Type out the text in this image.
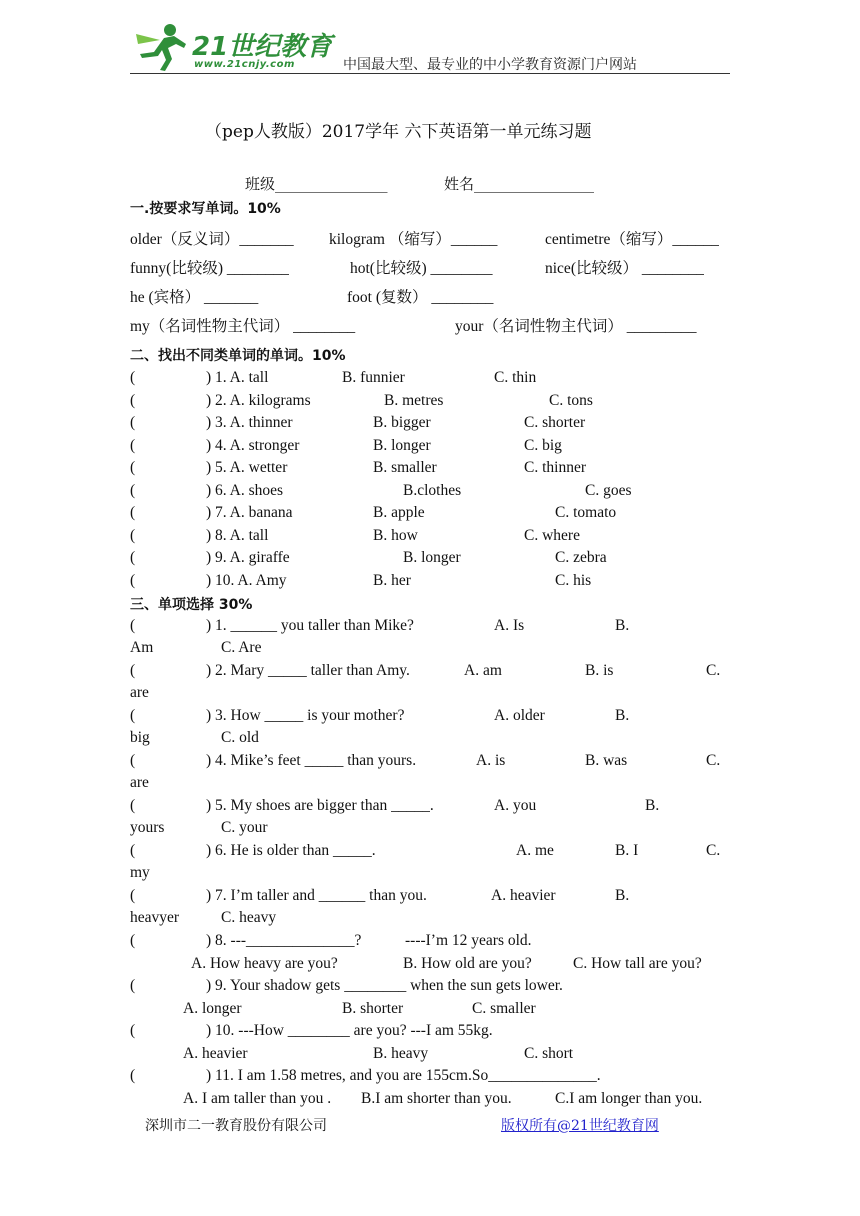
21世纪教育
www.21cnjy.com	中国最大型、最专业的中小学教育资源门户网站
（pep人教版）2017学年 六下英语第一单元练习题
班级_______________	姓名________________
一.按要求写单词。10%
older（反义词）_______ kilogram （缩写）______	centimetre（缩写）______
funny(比较级) ________	hot(比较级) ________	nice(比较级） ________
he (宾格） _______	foot (复数） ________
my（名词性物主代词） ________	your（名词性物主代词） _________
二、找出不同类单词的单词。10%
(	) 1. A. tall	B. funnier	C. thin
(	) 2. A. kilograms	B. metres	C. tons
(	) 3. A. thinner	B. bigger	C. shorter
(	) 4. A. stronger	B. longer	C. big
(	) 5. A. wetter	B. smaller	C. thinner
(	) 6. A. shoes	B.clothes	C. goes
(	) 7. A. banana	B. apple	C. tomato
(	) 8. A. tall	B. how	C. where
(	) 9. A. giraffe	B. longer	C. zebra
(	) 10. A. Amy	B. her	C. his
三、单项选择 30%
(	) 1. ______ you taller than Mike?	A. Is	B.
Am	C. Are
(	) 2. Mary _____ taller than Amy.	A. am	B. is	C.
are
(	) 3. How _____ is your mother?	A. older	B.
big	C. old
(	) 4. Mike’s feet _____ than yours.	A. is	B. was	C.
are
(	) 5. My shoes are bigger than _____.	A. you	B.
yours	C. your
(	) 6. He is older than _____.	A. me	B. I	C.
my
(	) 7. I’m taller and ______ than you.	A. heavier	B.
heavyer	C. heavy
(	) 8. ---______________?	----I’m 12 years old.
A. How heavy are you?	B. How old are you?	C. How tall are you?
(	) 9. Your shadow gets ________ when the sun gets lower.
A. longer	B. shorter	C. smaller
(	) 10. ---How ________ are you? ---I am 55kg.
A. heavier	B. heavy	C. short
(	) 11. I am 1.58 metres, and you are 155cm.So______________.
A. I am taller than you . B.I am shorter than you.	C.I am longer than you.
深圳市二一教育股份有限公司	版权所有@21世纪教育网
